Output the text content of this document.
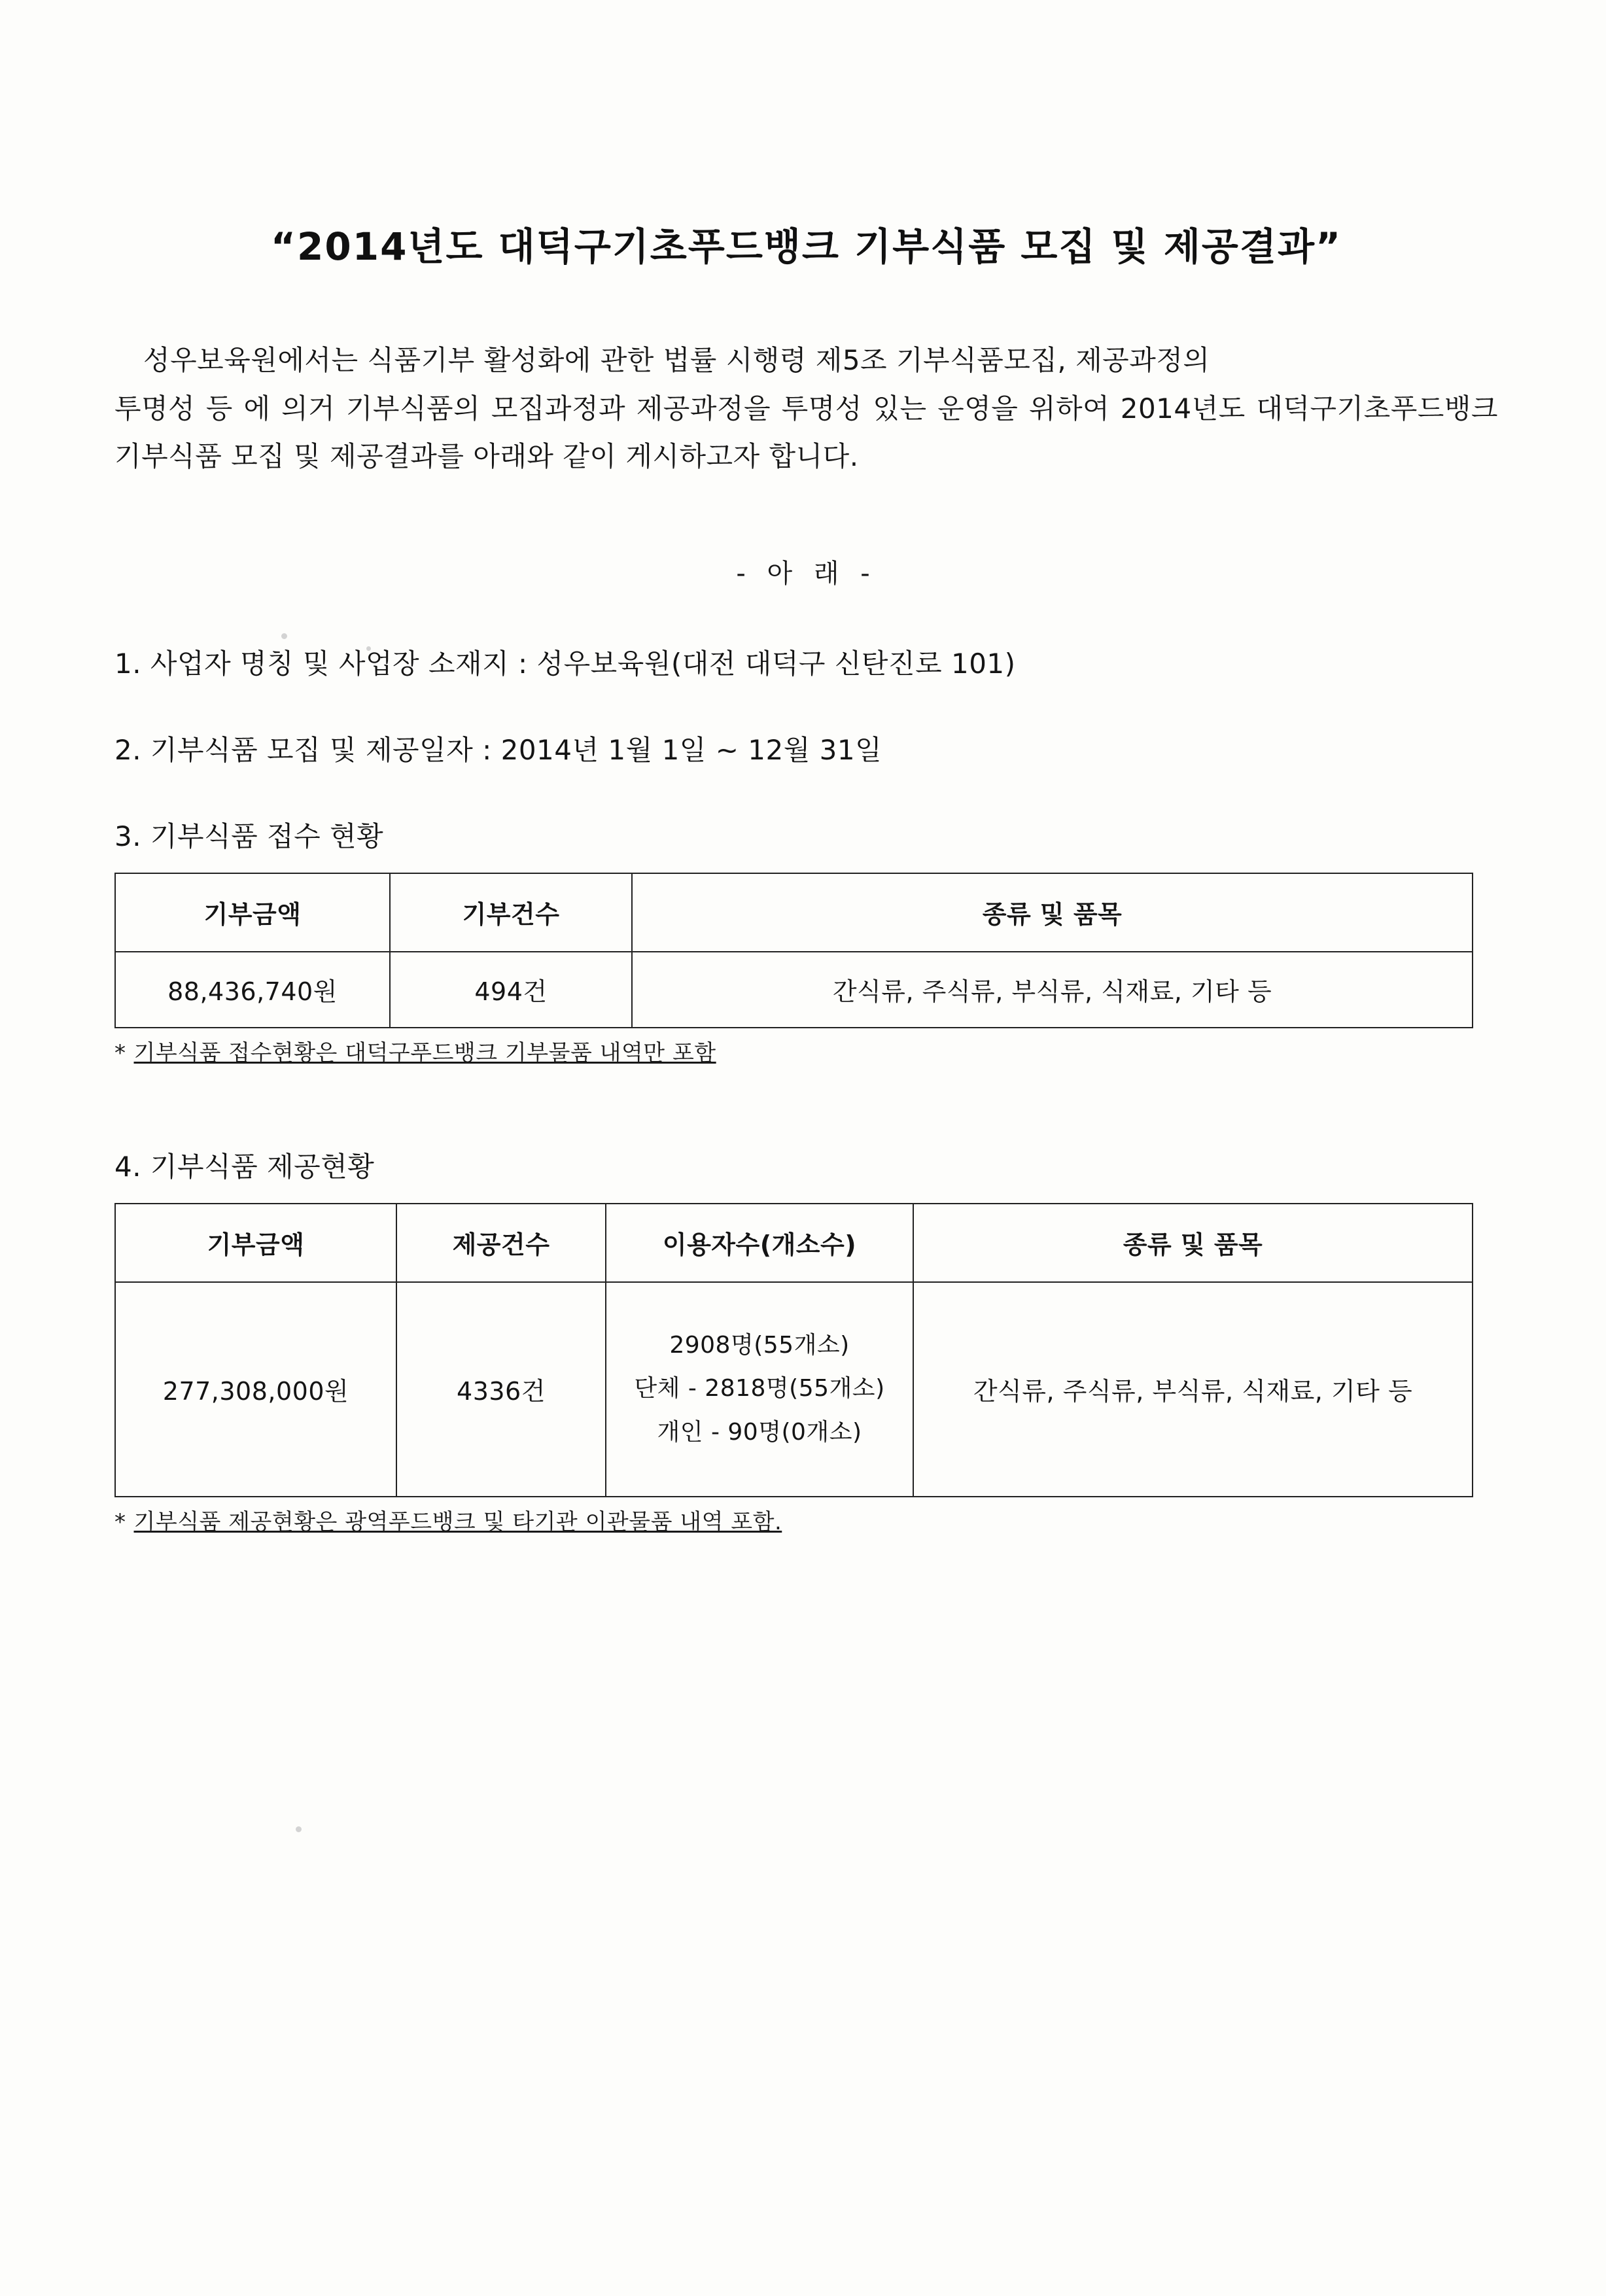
“2014년도 대덕구기초푸드뱅크 기부식품 모집 및 제공결과”

성우보육원에서는 식품기부 활성화에 관한 법률 시행령 제5조 기부식품모집, 제공과정의
투명성 등 에 의거 기부식품의 모집과정과 제공과정을 투명성 있는 운영을 위하여 2014년도 대덕구기초푸드뱅크 기부식품 모집 및 제공결과를 아래와 같이 게시하고자 합니다.

- 아 래 -
1. 사업자 명칭 및 사업장 소재지 : 성우보육원(대전 대덕구 신탄진로 101)
2. 기부식품 모집 및 제공일자 : 2014년 1월 1일 ~ 12월 31일
3. 기부식품 접수 현황
기부금액	기부건수	종류 및 품목
88,436,740원	494건	간식류, 주식류, 부식류, 식재료, 기타 등

* 기부식품 접수현황은 대덕구푸드뱅크 기부물품 내역만 포함

4. 기부식품 제공현황
기부금액	제공건수	이용자수(개소수)	종류 및 품목
277,308,000원	4336건	2908명(55개소)
단체 - 2818명(55개소)
개인 - 90명(0개소)	간식류, 주식류, 부식류, 식재료, 기타 등

* 기부식품 제공현황은 광역푸드뱅크 및 타기관 이관물품 내역 포함.
